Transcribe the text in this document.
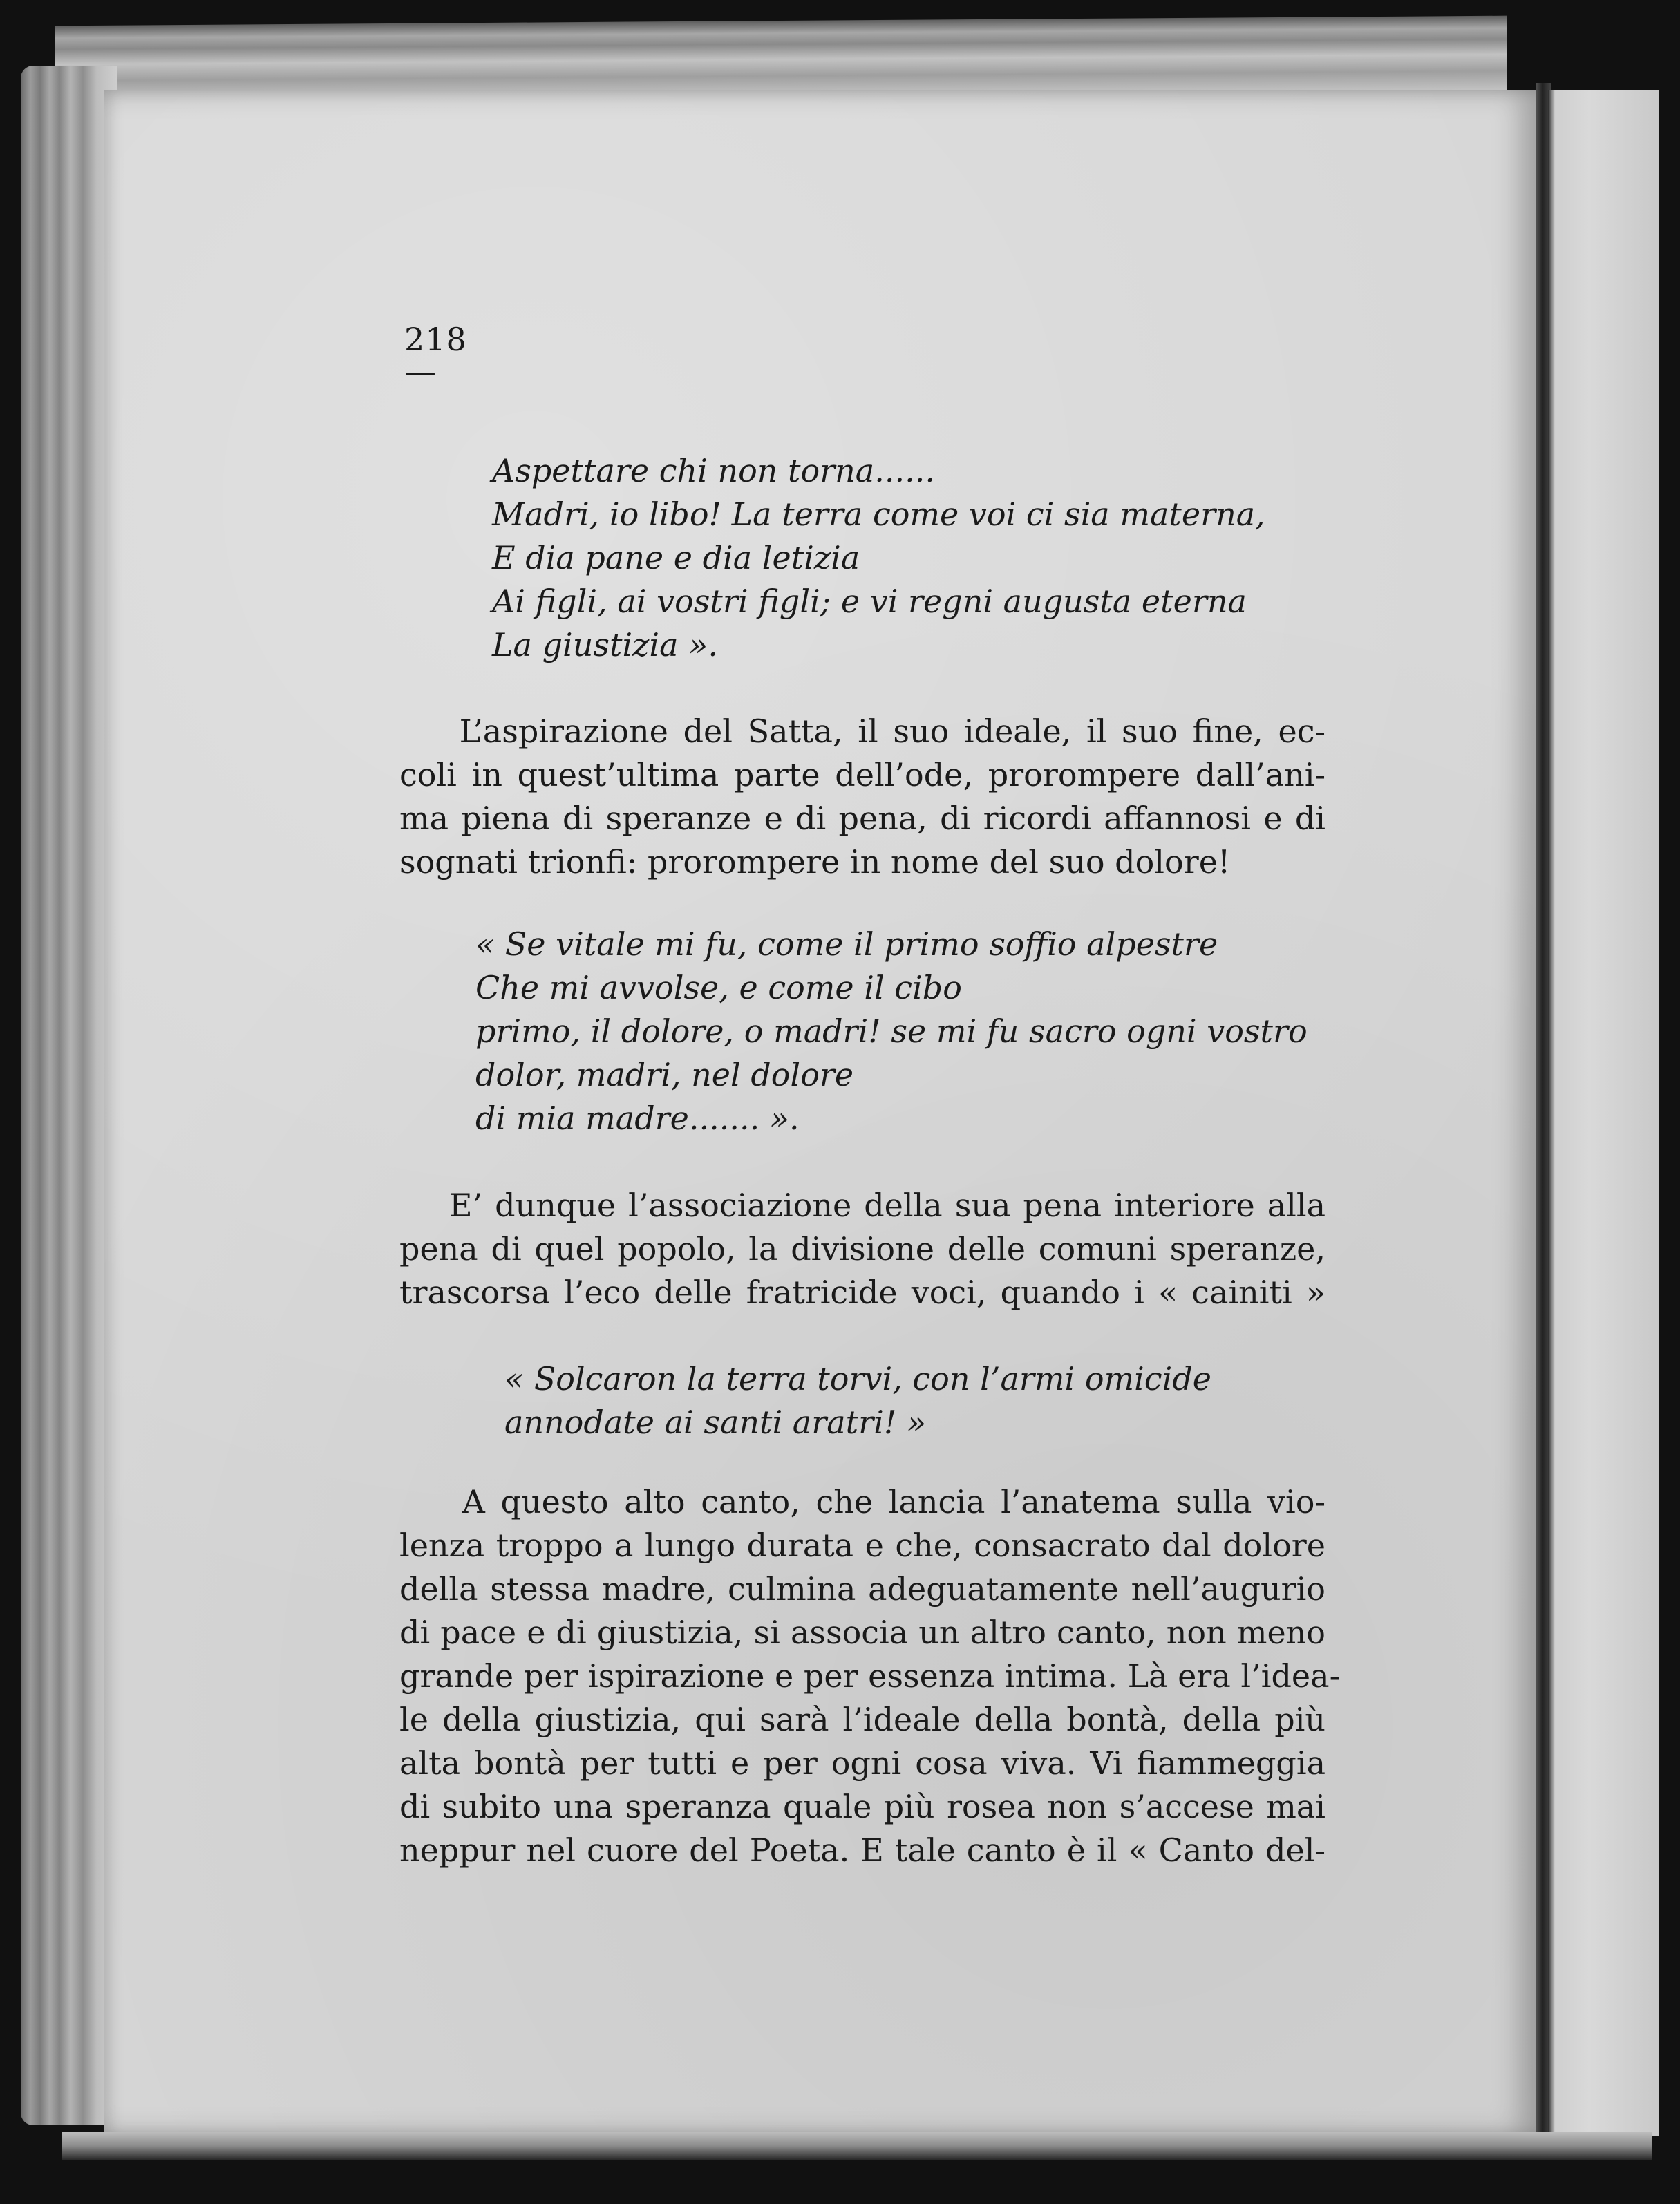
218 —
Aspettare chi non torna......
Madri, io libo! La terra come voi ci sia materna,
E dia pane e dia letizia
Ai figli, ai vostri figli; e vi regni augusta eterna
La giustizia ».
L’aspirazione del Satta, il suo ideale, il suo fine, ec-
coli in quest’ultima parte dell’ode, prorompere dall’ani-
ma piena di speranze e di pena, di ricordi affannosi e di
sognati trionfi: prorompere in nome del suo dolore!
« Se vitale mi fu, come il primo soffio alpestre
Che mi avvolse, e come il cibo
primo, il dolore, o madri! se mi fu sacro ogni vostro
dolor, madri, nel dolore
di mia madre....... ».
E’ dunque l’associazione della sua pena interiore alla
pena di quel popolo, la divisione delle comuni speranze,
trascorsa l’eco delle fratricide voci, quando i « cainiti »
« Solcaron la terra torvi, con l’armi omicide
annodate ai santi aratri! »
A questo alto canto, che lancia l’anatema sulla vio-
lenza troppo a lungo durata e che, consacrato dal dolore
della stessa madre, culmina adeguatamente nell’augurio
di pace e di giustizia, si associa un altro canto, non meno
grande per ispirazione e per essenza intima. Là era l’idea-
le della giustizia, qui sarà l’ideale della bontà, della più
alta bontà per tutti e per ogni cosa viva. Vi fiammeggia
di subito una speranza quale più rosea non s’accese mai
neppur nel cuore del Poeta. E tale canto è il « Canto del-
